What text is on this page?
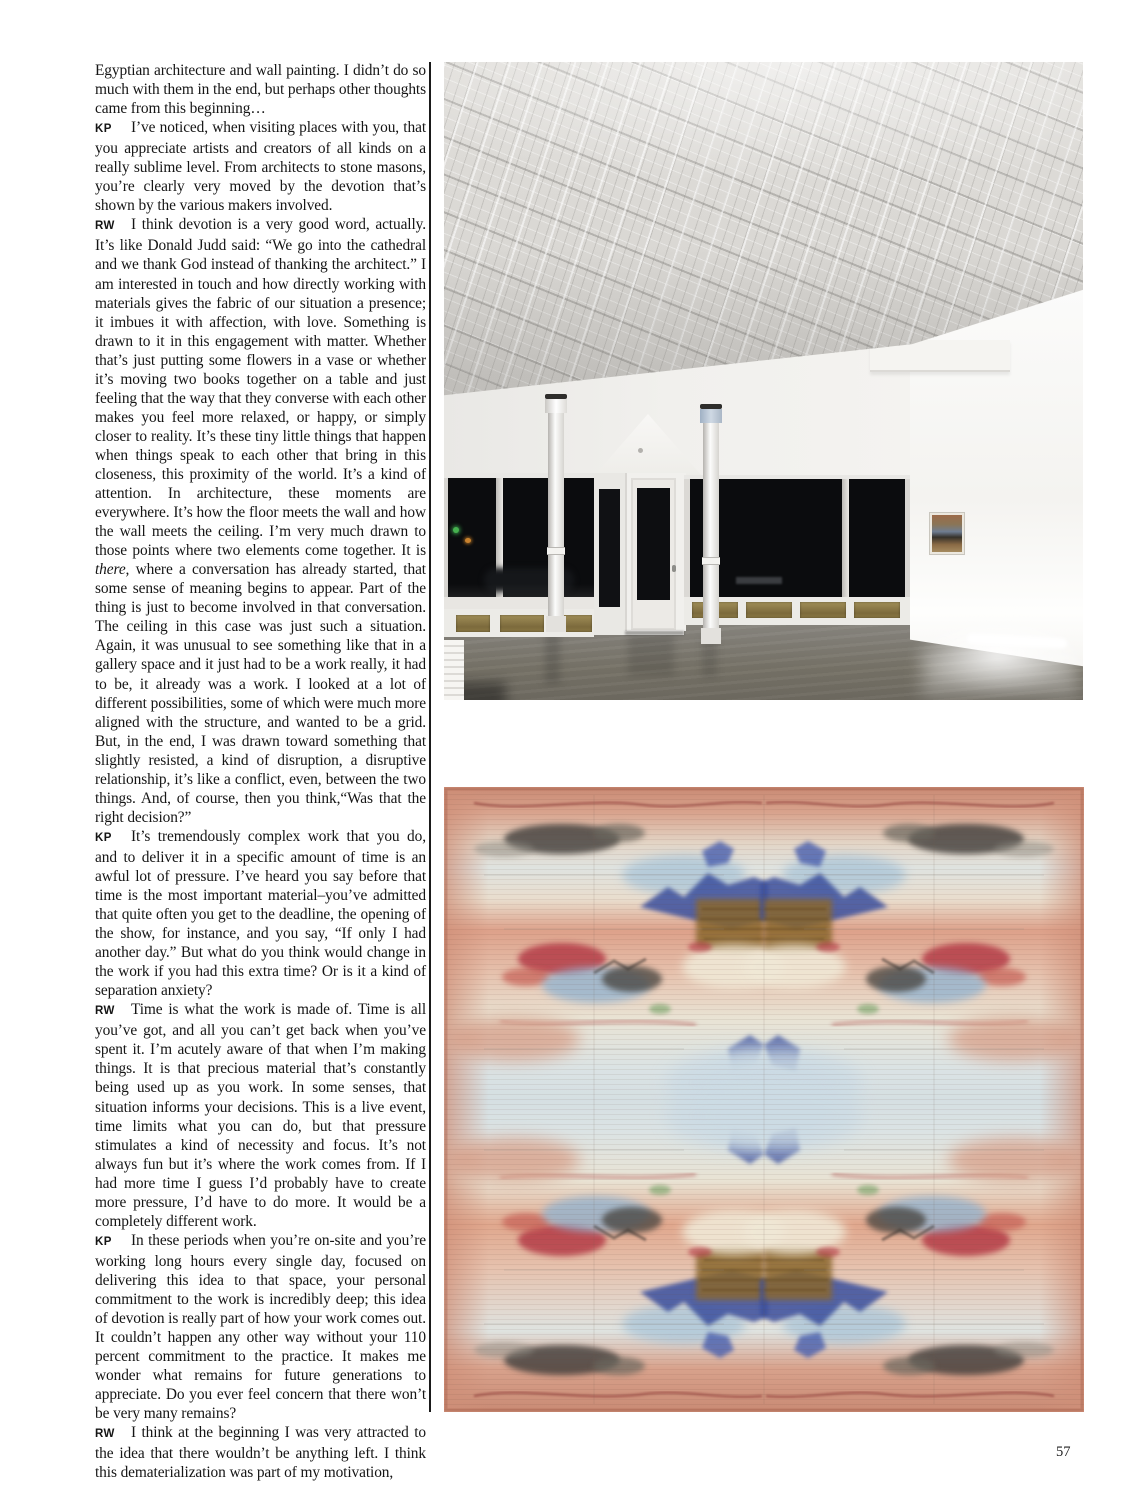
Egyptian architecture and wall painting. I didn’t do so much with them in the end, but perhaps other thoughts came from this beginning…

KP I’ve noticed, when visiting places with you, that you appreciate artists and creators of all kinds on a really sublime level. From architects to stone masons, you’re clearly very moved by the devotion that’s shown by the various makers involved.

RW I think devotion is a very good word, actually. It’s like Donald Judd said: “We go into the cathedral and we thank God instead of thanking the architect.” I am interested in touch and how directly working with materials gives the fabric of our situation a presence; it imbues it with affection, with love. Something is drawn to it in this engagement with matter. Whether that’s just putting some flowers in a vase or whether it’s moving two books together on a table and just feeling that the way that they converse with each other makes you feel more relaxed, or happy, or simply closer to reality. It’s these tiny little things that happen when things speak to each other that bring in this closeness, this proximity of the world. It’s a kind of attention. In architecture, these moments are everywhere. It’s how the floor meets the wall and how the wall meets the ceiling. I’m very much drawn to those points where two elements come together. It is there, where a conversation has already started, that some sense of meaning begins to appear. Part of the thing is just to become involved in that conversation. The ceiling in this case was just such a situation. Again, it was unusual to see something like that in a gallery space and it just had to be a work really, it had to be, it already was a work. I looked at a lot of different possibilities, some of which were much more aligned with the structure, and wanted to be a grid. But, in the end, I was drawn toward something that slightly resisted, a kind of disruption, a disruptive relationship, it’s like a conflict, even, between the two things. And, of course, then you think,“Was that the right decision?”

KP It’s tremendously complex work that you do, and to deliver it in a specific amount of time is an awful lot of pressure. I’ve heard you say before that time is the most important material–you’ve admitted that quite often you get to the deadline, the opening of the show, for instance, and you say, “If only I had another day.” But what do you think would change in the work if you had this extra time? Or is it a kind of separation anxiety?

RW Time is what the work is made of. Time is all you’ve got, and all you can’t get back when you’ve spent it. I’m acutely aware of that when I’m making things. It is that precious material that’s constantly being used up as you work. In some senses, that situation informs your decisions. This is a live event, time limits what you can do, but that pressure stimulates a kind of necessity and focus. It’s not always fun but it’s where the work comes from. If I had more time I guess I’d probably have to create more pressure, I’d have to do more. It would be a completely different work.

KP In these periods when you’re on-site and you’re working long hours every single day, focused on delivering this idea to that space, your personal commitment to the work is incredibly deep; this idea of devotion is really part of how your work comes out. It couldn’t happen any other way without your 110 percent commitment to the practice. It makes me wonder what remains for future generations to appreciate. Do you ever feel concern that there won’t be very many remains?

RW I think at the beginning I was very attracted to the idea that there wouldn’t be anything left. I think this dematerialization was part of my motivation,

57
